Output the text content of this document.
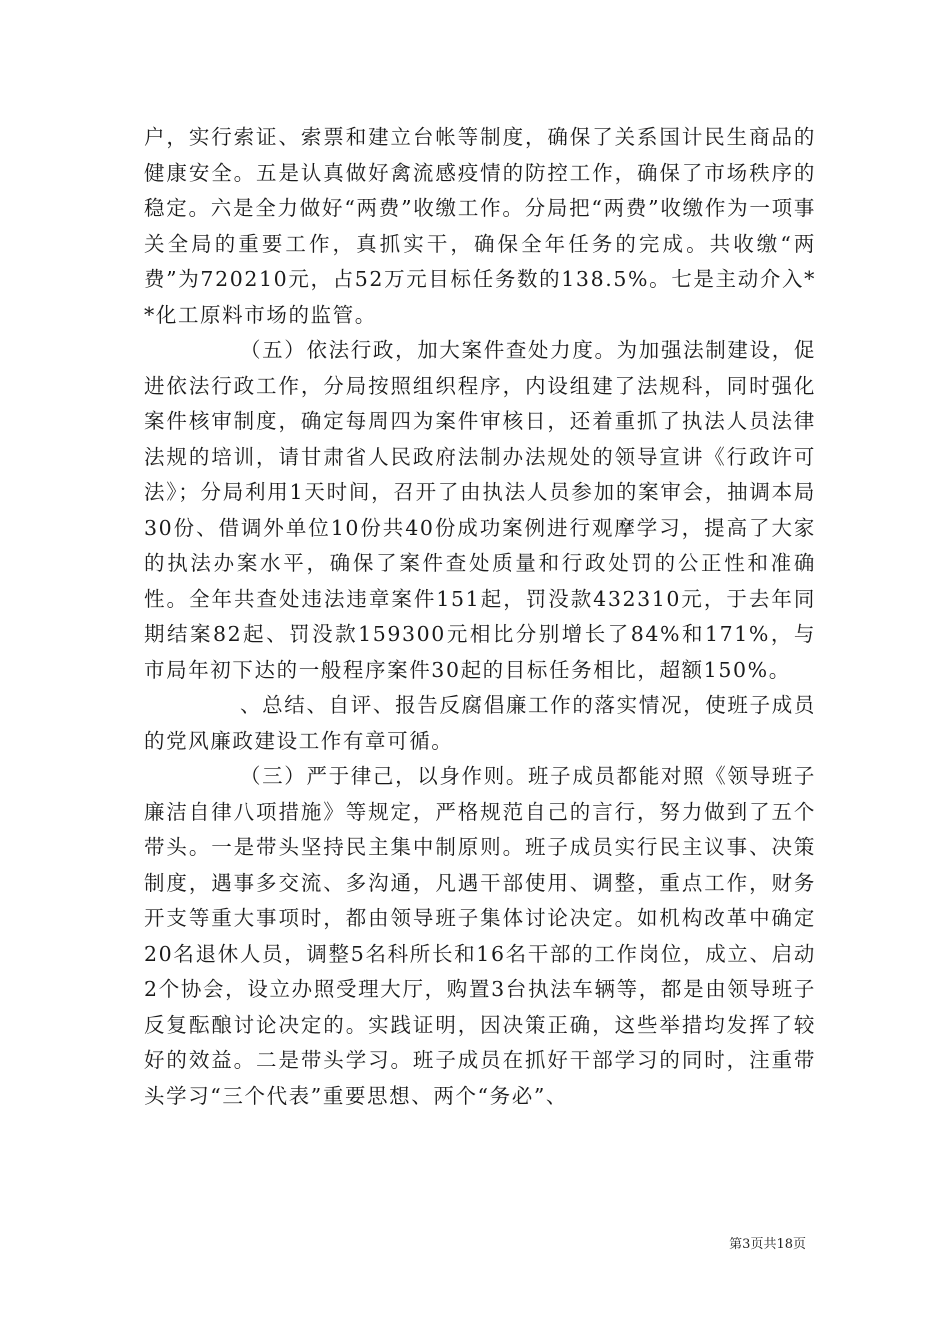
户，实行索证、索票和建立台帐等制度，确保了关系国计民生商品的健康安全。五是认真做好禽流感疫情的防控工作，确保了市场秩序的稳定。六是全力做好“两费”收缴工作。分局把“两费”收缴作为一项事关全局的重要工作，真抓实干，确保全年任务的完成。共收缴“两费”为720210元，占52万元目标任务数的138.5%。七是主动介入**化工原料市场的监管。

（五）依法行政，加大案件查处力度。为加强法制建设，促进依法行政工作，分局按照组织程序，内设组建了法规科，同时强化案件核审制度，确定每周四为案件审核日，还着重抓了执法人员法律法规的培训，请甘肃省人民政府法制办法规处的领导宣讲《行政许可法》；分局利用1天时间，召开了由执法人员参加的案审会，抽调本局30份、借调外单位10份共40份成功案例进行观摩学习，提高了大家的执法办案水平，确保了案件查处质量和行政处罚的公正性和准确性。全年共查处违法违章案件151起，罚没款432310元，于去年同期结案82起、罚没款159300元相比分别增长了84%和171%，与市局年初下达的一般程序案件30起的目标任务相比，超额150%。

、总结、自评、报告反腐倡廉工作的落实情况，使班子成员的党风廉政建设工作有章可循。

（三）严于律己，以身作则。班子成员都能对照《领导班子廉洁自律八项措施》等规定，严格规范自己的言行，努力做到了五个带头。一是带头坚持民主集中制原则。班子成员实行民主议事、决策制度，遇事多交流、多沟通，凡遇干部使用、调整，重点工作，财务开支等重大事项时，都由领导班子集体讨论决定。如机构改革中确定20名退休人员，调整5名科所长和16名干部的工作岗位，成立、启动2个协会，设立办照受理大厅，购置3台执法车辆等，都是由领导班子反复酝酿讨论决定的。实践证明，因决策正确，这些举措均发挥了较好的效益。二是带头学习。班子成员在抓好干部学习的同时，注重带头学习“三个代表”重要思想、两个“务必”、

第3页共18页
